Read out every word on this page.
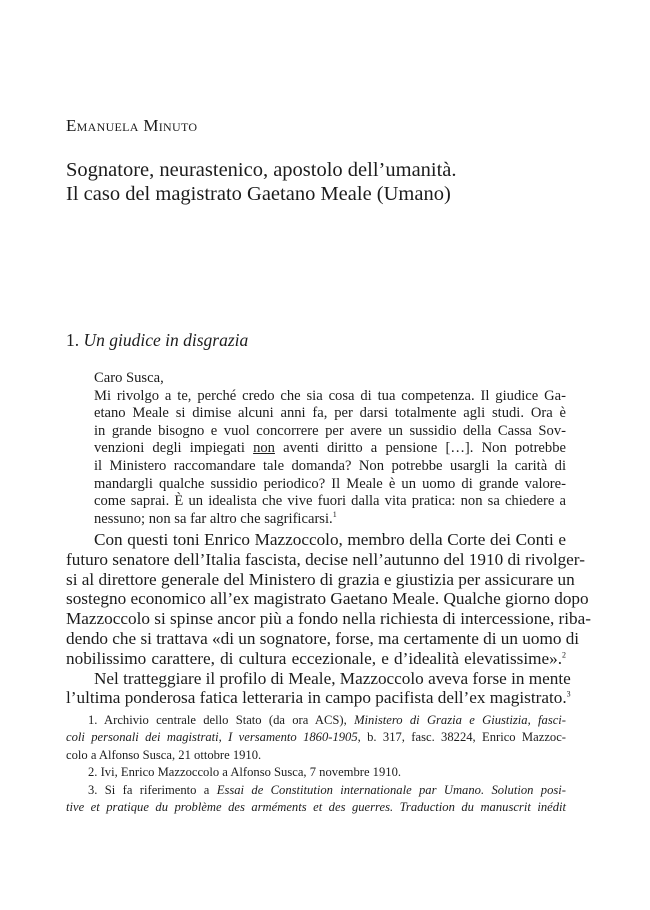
Emanuela Minuto

Sognatore, neurastenico, apostolo dell’umanità.
Il caso del magistrato Gaetano Meale (Umano)
1. Un giudice in disgrazia
Caro Susca,
Mi rivolgo a te, perché credo che sia cosa di tua competenza. Il giudice Ga-
etano Meale si dimise alcuni anni fa, per darsi totalmente agli studi. Ora è
in grande bisogno e vuol concorrere per avere un sussidio della Cassa Sov-
venzioni degli impiegati non aventi diritto a pensione […]. Non potrebbe
il Ministero raccomandare tale domanda? Non potrebbe usargli la carità di
mandargli qualche sussidio periodico? Il Meale è un uomo di grande valore-
come saprai. È un idealista che vive fuori dalla vita pratica: non sa chiedere a
nessuno; non sa far altro che sagrificarsi.$^1$
Con questi toni Enrico Mazzoccolo, membro della Corte dei Conti e
futuro senatore dell’Italia fascista, decise nell’autunno del 1910 di rivolger-
si al direttore generale del Ministero di grazia e giustizia per assicurare un
sostegno economico all’ex magistrato Gaetano Meale. Qualche giorno dopo
Mazzoccolo si spinse ancor più a fondo nella richiesta di intercessione, riba-
dendo che si trattava «di un sognatore, forse, ma certamente di un uomo di
nobilissimo carattere, di cultura eccezionale, e d’idealità elevatissime».$^2$
Nel tratteggiare il profilo di Meale, Mazzoccolo aveva forse in mente
l’ultima ponderosa fatica letteraria in campo pacifista dell’ex magistrato.$^3$
1. Archivio centrale dello Stato (da ora ACS), Ministero di Grazia e Giustizia, fasci-
coli personali dei magistrati, I versamento 1860-1905, b. 317, fasc. 38224, Enrico Mazzoc-
colo a Alfonso Susca, 21 ottobre 1910.
2. Ivi, Enrico Mazzoccolo a Alfonso Susca, 7 novembre 1910.
3. Si fa riferimento a Essai de Constitution internationale par Umano. Solution posi-
tive et pratique du problème des arméments et des guerres. Traduction du manuscrit inédit
